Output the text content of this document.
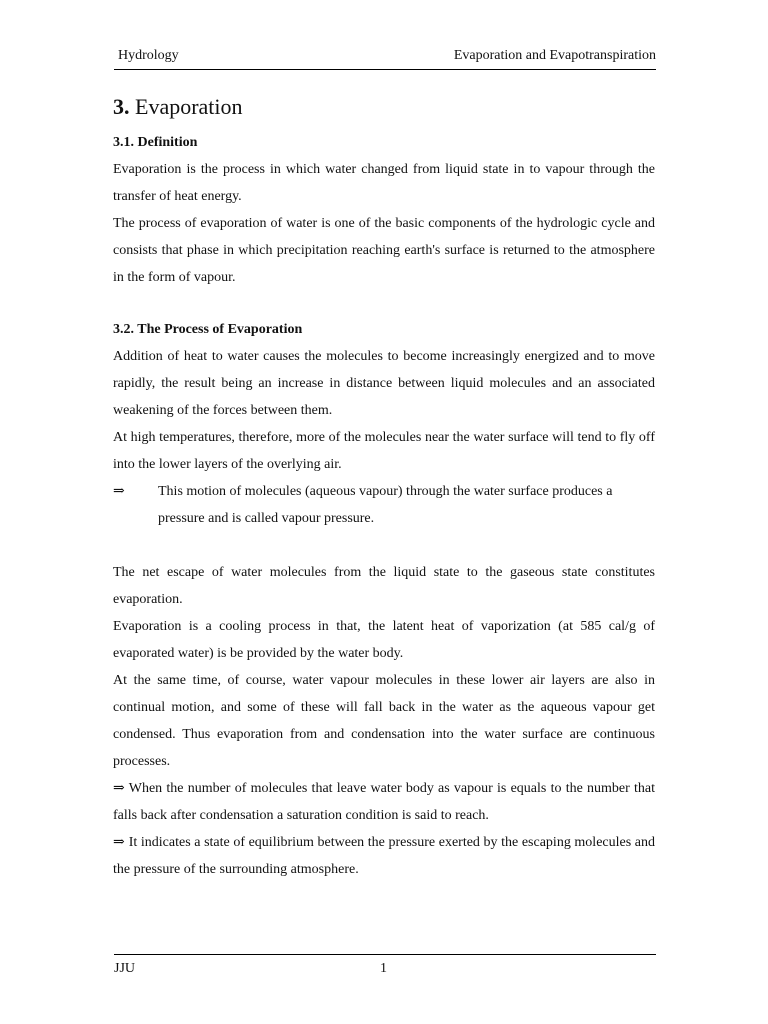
Hydrology	Evaporation and Evapotranspiration
3. Evaporation
3.1. Definition

Evaporation is the process in which water changed from liquid state in to vapour through the transfer of heat energy.

The process of evaporation of water is one of the basic components of the hydrologic cycle and consists that phase in which precipitation reaching earth's surface is returned to the atmosphere in the form of vapour.

3.2. The Process of Evaporation

Addition of heat to water causes the molecules to become increasingly energized and to move rapidly, the result being an increase in distance between liquid molecules and an associated weakening of the forces between them.

At high temperatures, therefore, more of the molecules near the water surface will tend to fly off into the lower layers of the overlying air.

⇒	This motion of molecules (aqueous vapour) through the water surface produces a pressure and is called vapour pressure.

The net escape of water molecules from the liquid state to the gaseous state constitutes evaporation.

Evaporation is a cooling process in that, the latent heat of vaporization (at 585 cal/g of evaporated water) is be provided by the water body.

At the same time, of course, water vapour molecules in these lower air layers are also in continual motion, and some of these will fall back in the water as the aqueous vapour get condensed. Thus evaporation from and condensation into the water surface are continuous processes.

⇒ When the number of molecules that leave water body as vapour is equals to the number that falls back after condensation a saturation condition is said to reach.

⇒ It indicates a state of equilibrium between the pressure exerted by the escaping molecules and the pressure of the surrounding atmosphere.

JJU	1
